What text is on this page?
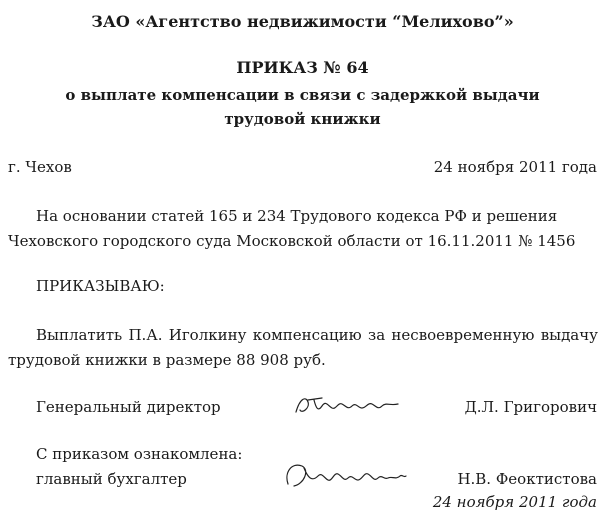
ЗАО «Агентство недвижимости “Мелихово”»
ПРИКАЗ № 64
о выплате компенсации в связи с задержкой выдачи
трудовой книжки
г. Чехов	24 ноября 2011 года
На основании статей 165 и 234 Трудового кодекса РФ и решения Чеховского городского суда Московской области от 16.11.2011 № 1456
ПРИКАЗЫВАЮ:
Выплатить П.А. Иголкину компенсацию за несвоевременную выдачу трудовой книжки в размере 88 908 руб.
Генеральный директор	Д.Л. Григорович
С приказом ознакомлена:
главный бухгалтер	Н.В. Феоктистова
24 ноября 2011 года
